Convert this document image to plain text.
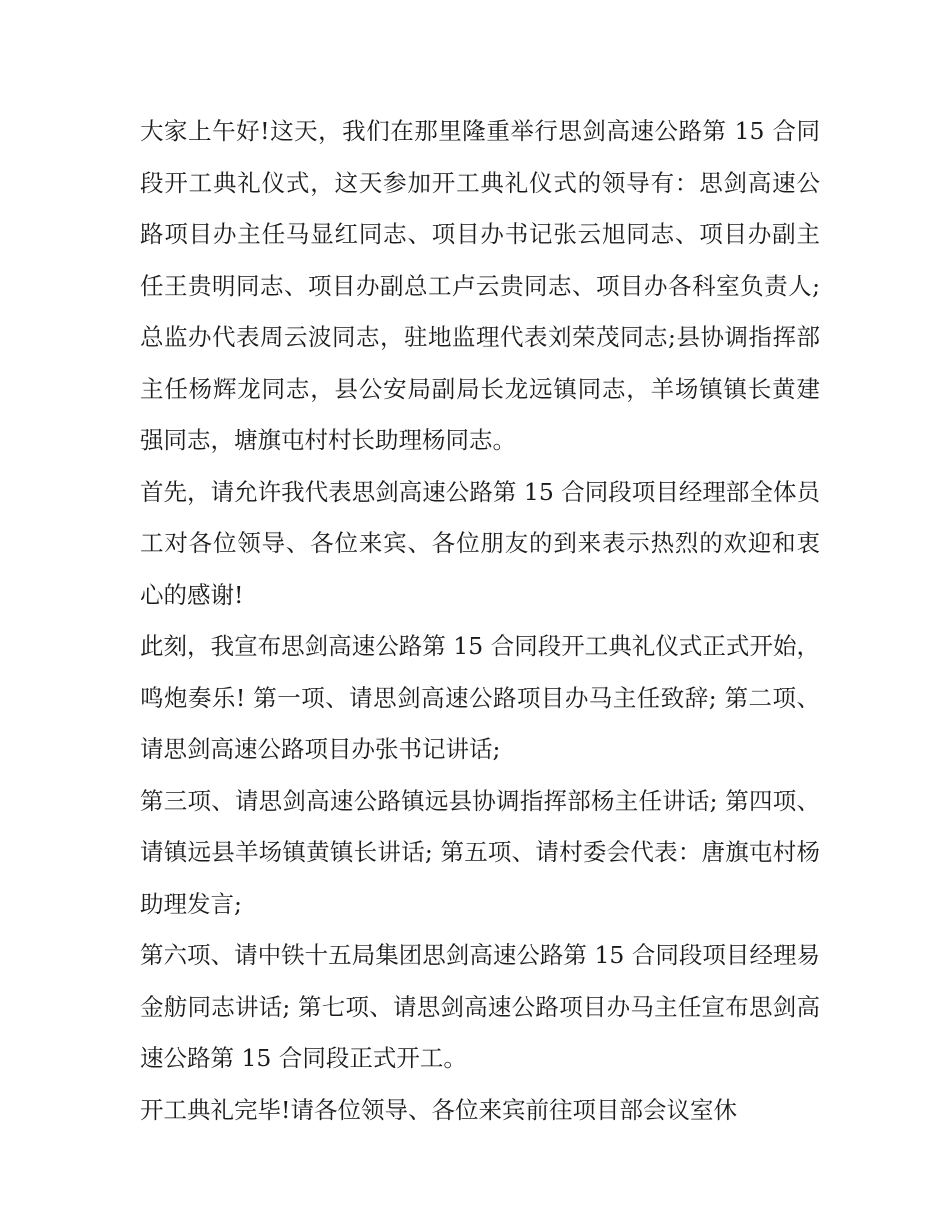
大家上午好!这天，我们在那里隆重举行思剑高速公路第 15 合同段开工典礼仪式，这天参加开工典礼仪式的领导有：思剑高速公路项目办主任马显红同志、项目办书记张云旭同志、项目办副主任王贵明同志、项目办副总工卢云贵同志、项目办各科室负责人;总监办代表周云波同志，驻地监理代表刘荣茂同志;县协调指挥部主任杨辉龙同志，县公安局副局长龙远镇同志，羊场镇镇长黄建强同志，塘旗屯村村长助理杨同志。

首先，请允许我代表思剑高速公路第 15 合同段项目经理部全体员工对各位领导、各位来宾、各位朋友的到来表示热烈的欢迎和衷心的感谢!

此刻，我宣布思剑高速公路第 15 合同段开工典礼仪式正式开始，鸣炮奏乐! 第一项、请思剑高速公路项目办马主任致辞; 第二项、请思剑高速公路项目办张书记讲话;

第三项、请思剑高速公路镇远县协调指挥部杨主任讲话; 第四项、请镇远县羊场镇黄镇长讲话; 第五项、请村委会代表：唐旗屯村杨助理发言;

第六项、请中铁十五局集团思剑高速公路第 15 合同段项目经理易金舫同志讲话; 第七项、请思剑高速公路项目办马主任宣布思剑高速公路第 15 合同段正式开工。

开工典礼完毕!请各位领导、各位来宾前往项目部会议室休
